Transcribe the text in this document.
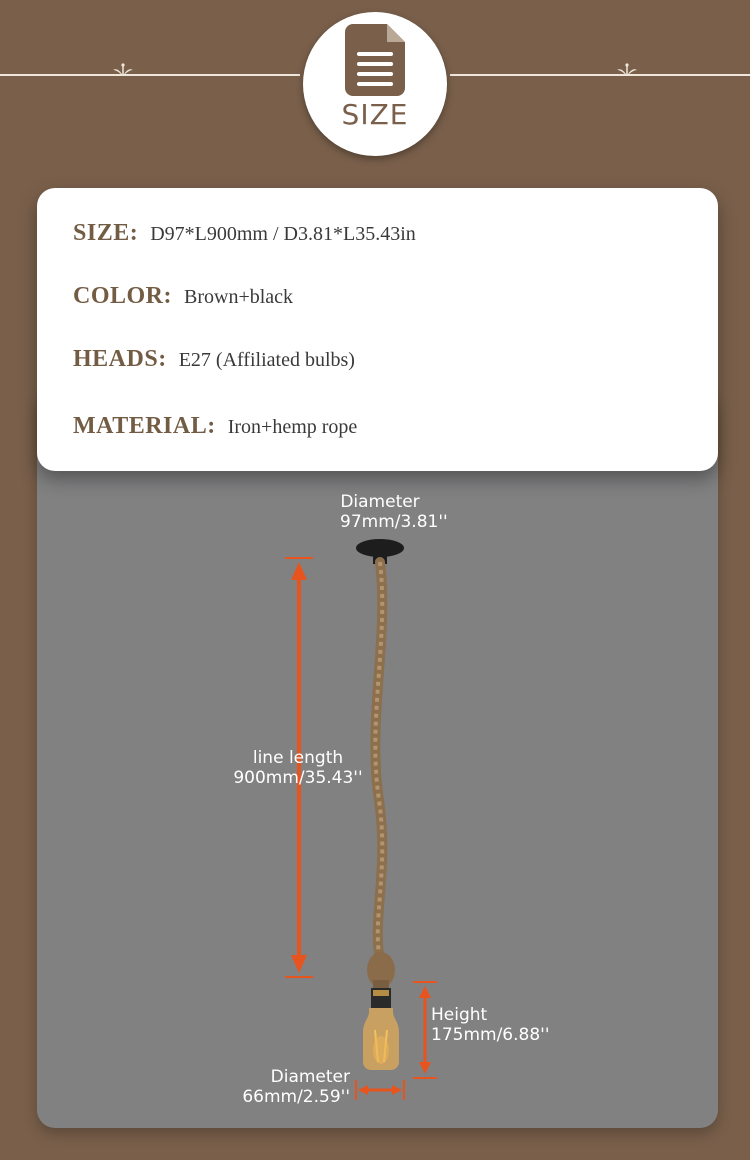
SIZE
SIZE: D97*L900mm / D3.81*L35.43in
COLOR: Brown+black
HEADS: E27 (Affiliated bulbs)
MATERIAL: Iron+hemp rope
Diameter
97mm/3.81''
line length
900mm/35.43''
Height
175mm/6.88''
Diameter
66mm/2.59''
